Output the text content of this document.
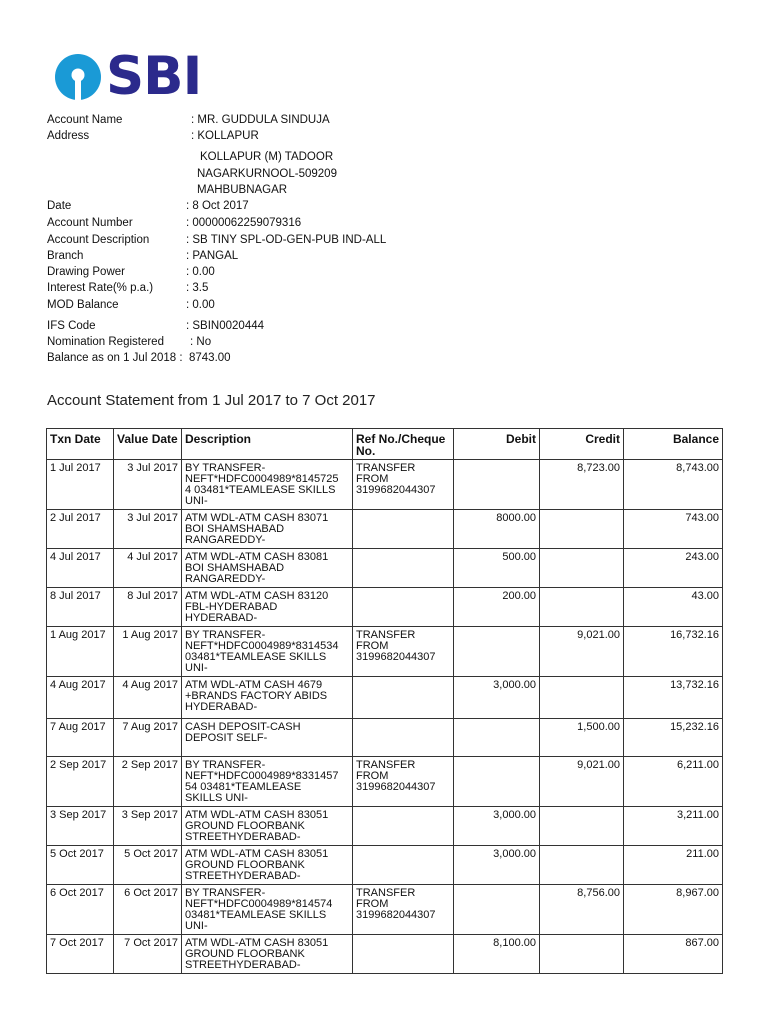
SBI
Account Name	: MR. GUDDULA SINDUJA
Address	: KOLLAPUR
KOLLAPUR (M) TADOOR
NAGARKURNOOL-509209
MAHBUBNAGAR
Date	: 8 Oct 2017
Account Number	: 00000062259079316
Account Description	: SB TINY SPL-OD-GEN-PUB IND-ALL
Branch	: PANGAL
Drawing Power	: 0.00
Interest Rate(% p.a.)	: 3.5
MOD Balance	: 0.00
IFS Code	: SBIN0020444
Nomination Registered : No
Balance as on 1 Jul 2018 : 8743.00
Account Statement from 1 Jul 2017 to 7 Oct 2017
Txn Date	Value Date	Description	Ref No./Cheque No.	Debit	Credit	Balance
1 Jul 2017	3 Jul 2017	BY TRANSFER-
NEFT*HDFC0004989*8145725
4 03481*TEAMLEASE SKILLS
UNI-	TRANSFER
FROM
3199682044307		8,723.00	8,743.00
2 Jul 2017	3 Jul 2017	ATM WDL-ATM CASH 83071
BOI SHAMSHABAD
RANGAREDDY-		8000.00		743.00
4 Jul 2017	4 Jul 2017	ATM WDL-ATM CASH 83081
BOI SHAMSHABAD
RANGAREDDY-		500.00		243.00
8 Jul 2017	8 Jul 2017	ATM WDL-ATM CASH 83120
FBL-HYDERABAD
HYDERABAD-		200.00		43.00
1 Aug 2017	1 Aug 2017	BY TRANSFER-
NEFT*HDFC0004989*8314534
03481*TEAMLEASE SKILLS
UNI-	TRANSFER
FROM
3199682044307		9,021.00	16,732.16
4 Aug 2017	4 Aug 2017	ATM WDL-ATM CASH 4679
+BRANDS FACTORY ABIDS
HYDERABAD-		3,000.00		13,732.16
7 Aug 2017	7 Aug 2017	CASH DEPOSIT-CASH
DEPOSIT SELF-			1,500.00	15,232.16
2 Sep 2017	2 Sep 2017	BY TRANSFER-
NEFT*HDFC0004989*8331457
54 03481*TEAMLEASE
SKILLS UNI-	TRANSFER
FROM
3199682044307		9,021.00	6,211.00
3 Sep 2017	3 Sep 2017	ATM WDL-ATM CASH 83051
GROUND FLOORBANK
STREETHYDERABAD-		3,000.00		3,211.00
5 Oct 2017	5 Oct 2017	ATM WDL-ATM CASH 83051
GROUND FLOORBANK
STREETHYDERABAD-		3,000.00		211.00
6 Oct 2017	6 Oct 2017	BY TRANSFER-
NEFT*HDFC0004989*814574
03481*TEAMLEASE SKILLS
UNI-	TRANSFER
FROM
3199682044307		8,756.00	8,967.00
7 Oct 2017	7 Oct 2017	ATM WDL-ATM CASH 83051
GROUND FLOORBANK
STREETHYDERABAD-		8,100.00		867.00
